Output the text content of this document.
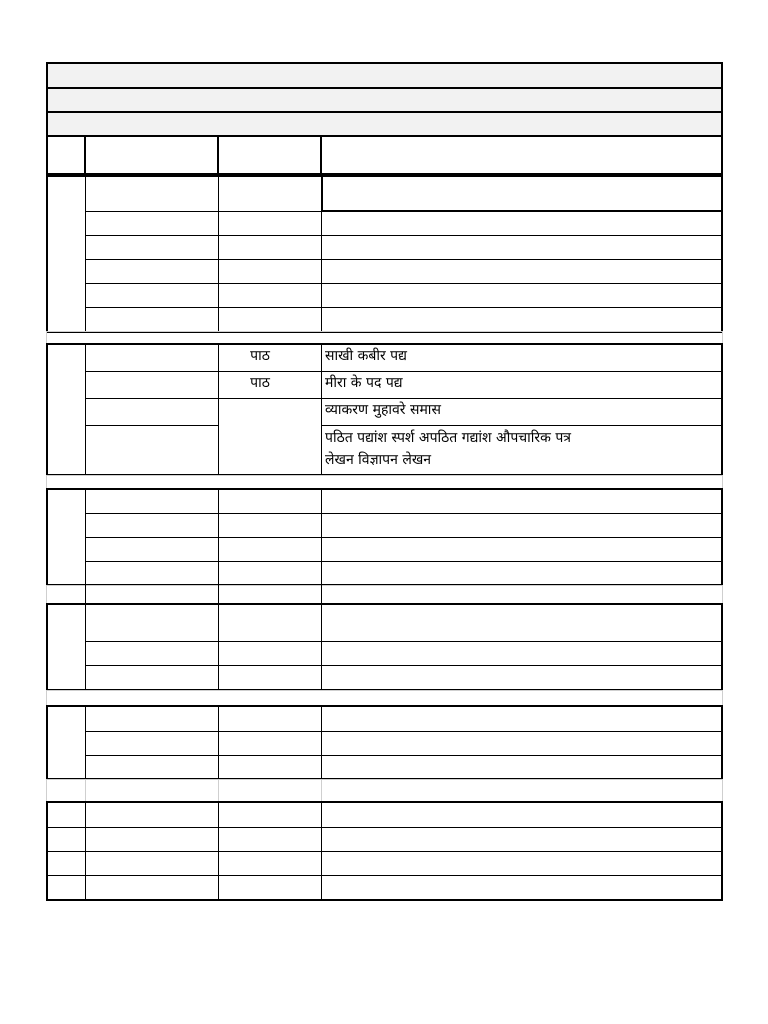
पाठ	साखी कबीर पद्य
पाठ	मीरा के पद पद्य
व्याकरण मुहावरे समास
पठित पद्यांश स्पर्श अपठित गद्यांश औपचारिक पत्र
लेखन विज्ञापन लेखन
